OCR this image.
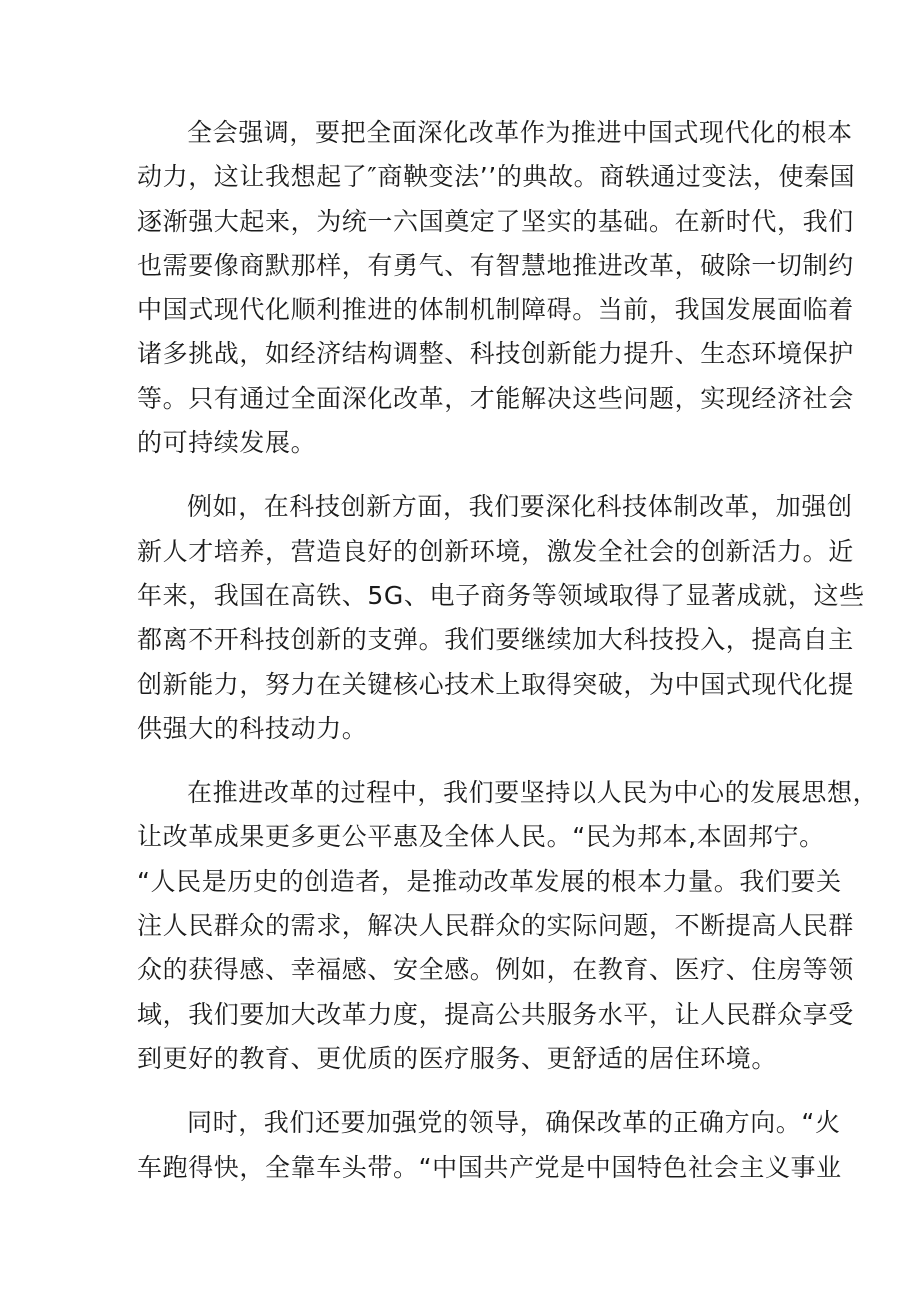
全会强调，要把全面深化改革作为推进中国式现代化的根本
动力，这让我想起了″商鞅变法’’的典故。商轶通过变法，使秦国
逐渐强大起来，为统一六国奠定了坚实的基础。在新时代，我们
也需要像商默那样，有勇气、有智慧地推进改革，破除一切制约
中国式现代化顺利推进的体制机制障碍。当前，我国发展面临着
诸多挑战，如经济结构调整、科技创新能力提升、生态环境保护
等。只有通过全面深化改革，才能解决这些问题，实现经济社会
的可持续发展。
例如，在科技创新方面，我们要深化科技体制改革，加强创
新人才培养，营造良好的创新环境，激发全社会的创新活力。近
年来，我国在高铁、5G、电子商务等领域取得了显著成就，这些
都离不开科技创新的支弹。我们要继续加大科技投入，提高自主
创新能力，努力在关键核心技术上取得突破，为中国式现代化提
供强大的科技动力。
在推进改革的过程中，我们要坚持以人民为中心的发展思想，
让改革成果更多更公平惠及全体人民。“民为邦本,本固邦宁。
“人民是历史的创造者，是推动改革发展的根本力量。我们要关
注人民群众的需求，解决人民群众的实际问题，不断提高人民群
众的获得感、幸福感、安全感。例如，在教育、医疗、住房等领
域，我们要加大改革力度，提高公共服务水平，让人民群众享受
到更好的教育、更优质的医疗服务、更舒适的居住环境。
同时，我们还要加强党的领导，确保改革的正确方向。“火
车跑得快，全靠车头带。“中国共产党是中国特色社会主义事业
